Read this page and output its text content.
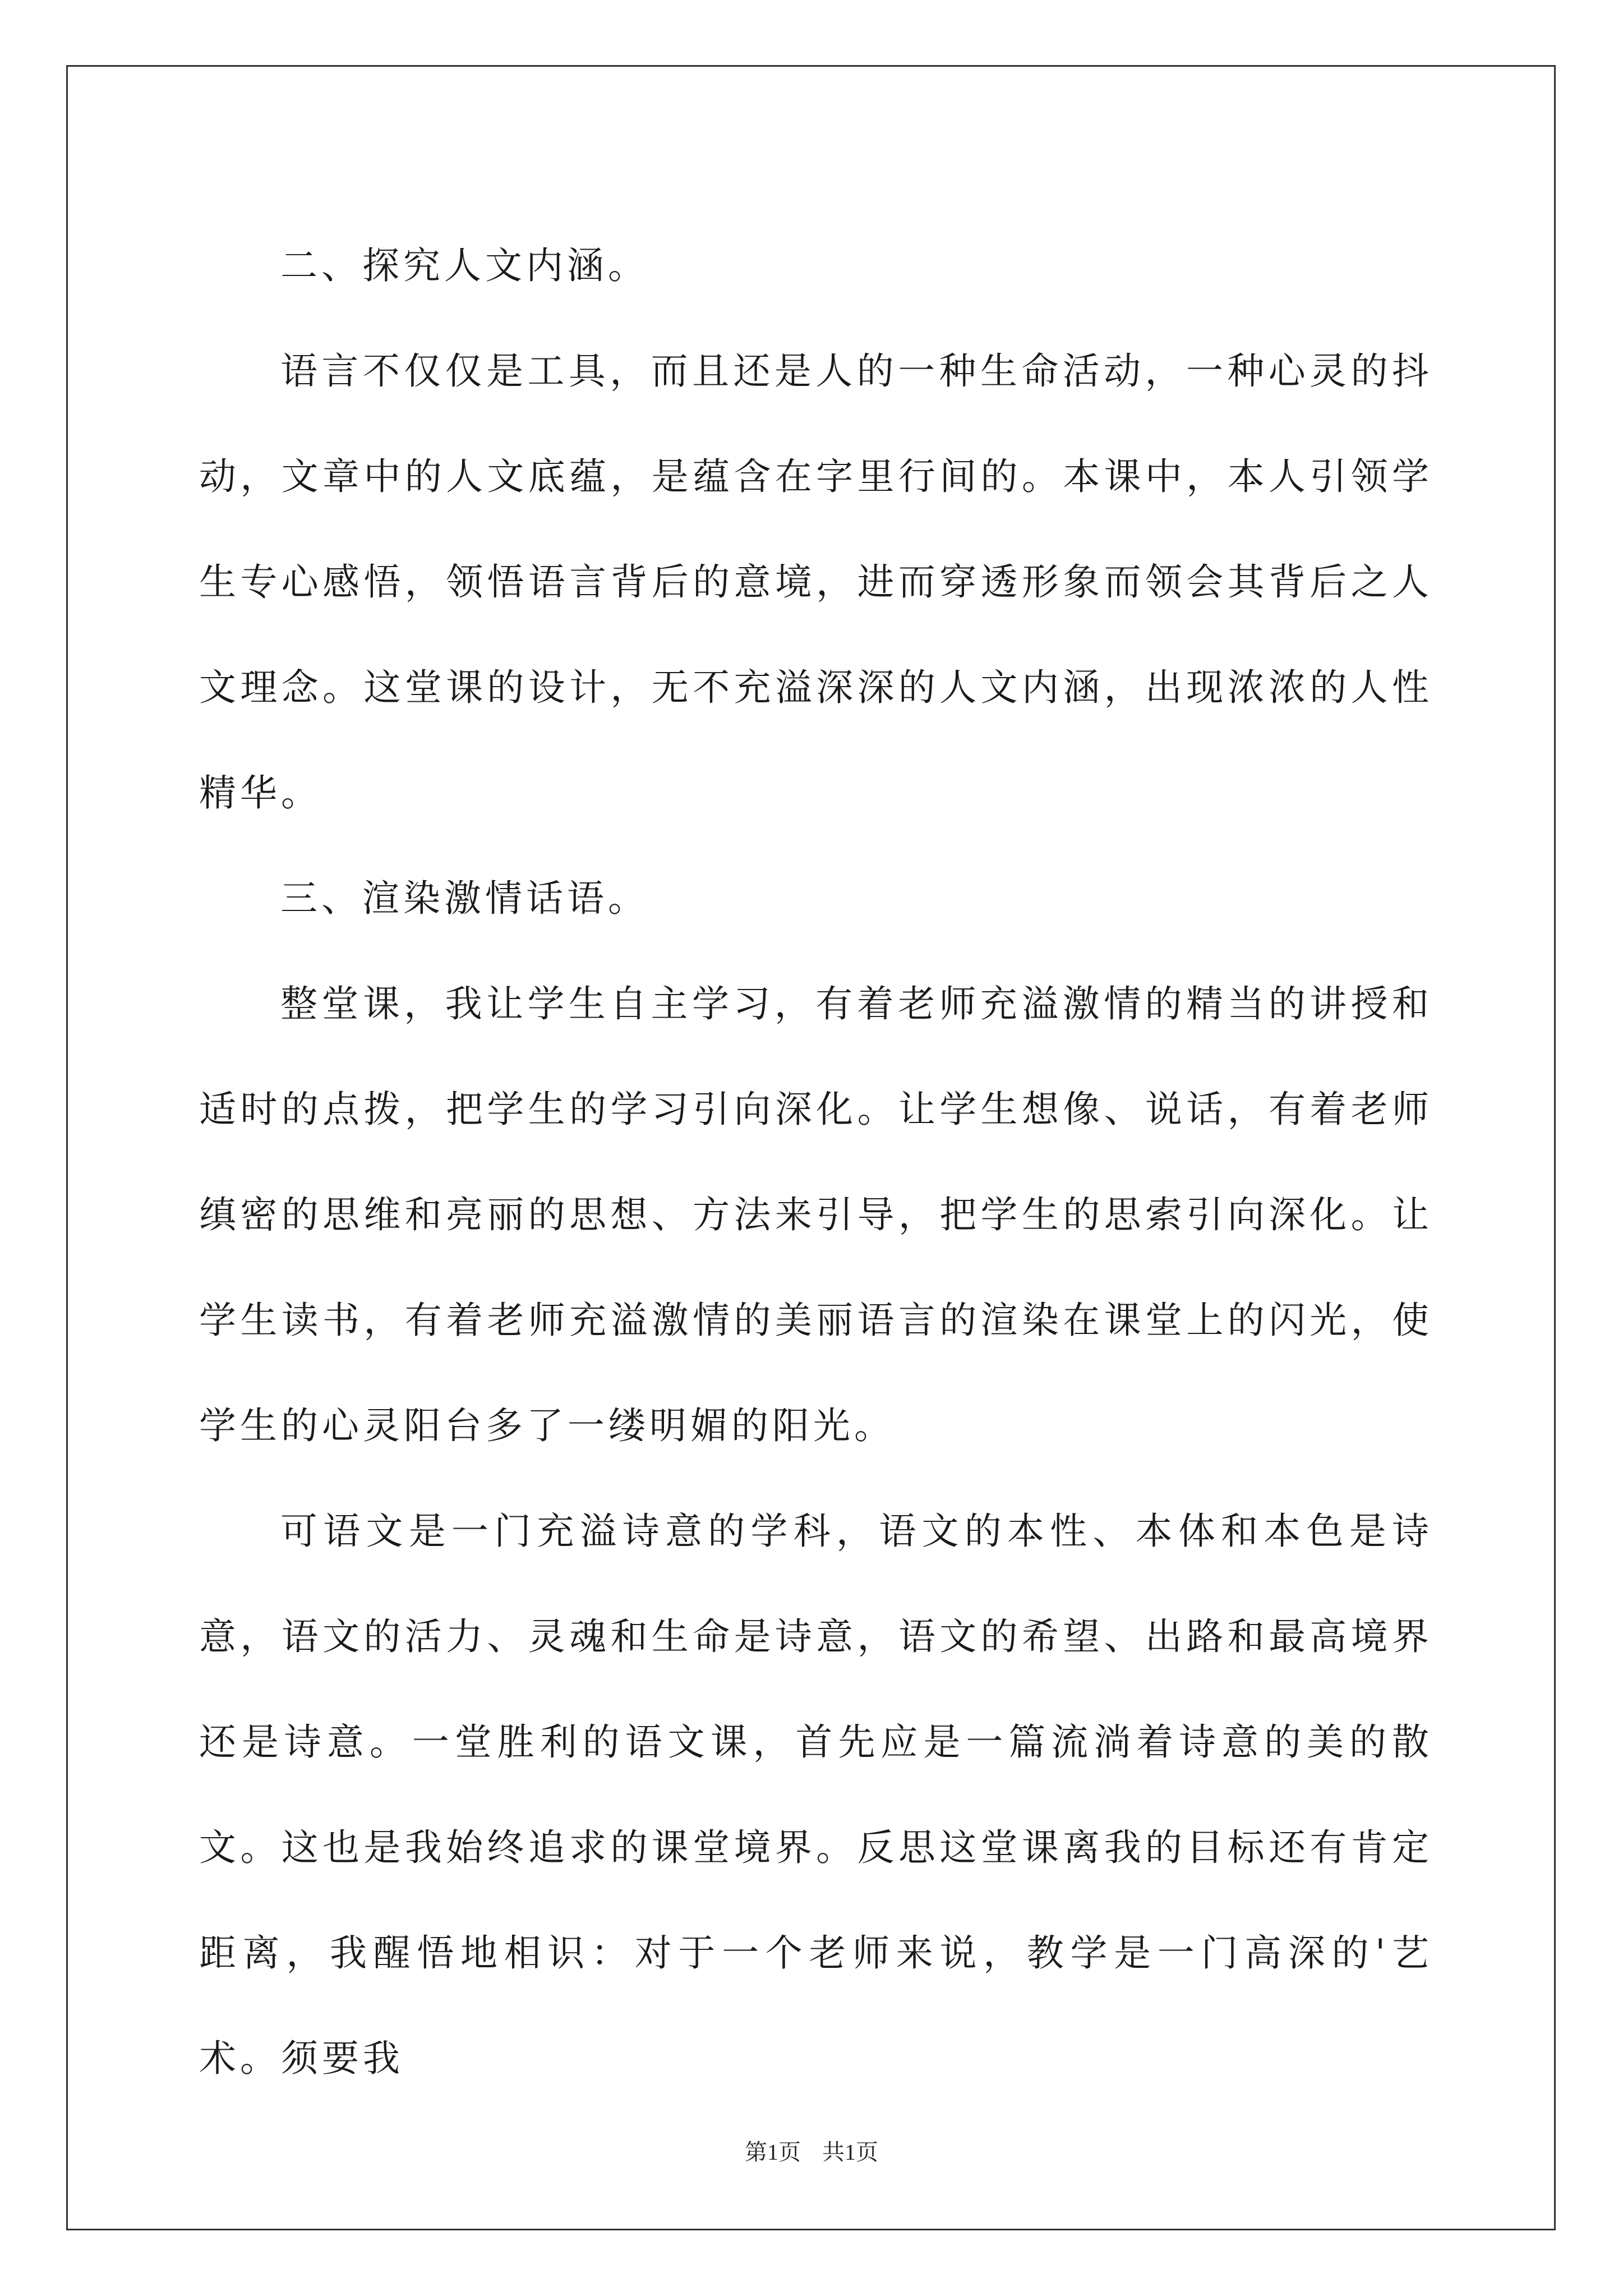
二、探究人文内涵。

语言不仅仅是工具，而且还是人的一种生命活动，一种心灵的抖动，文章中的人文底蕴，是蕴含在字里行间的。本课中，本人引领学生专心感悟，领悟语言背后的意境，进而穿透形象而领会其背后之人文理念。这堂课的设计，无不充溢深深的人文内涵，出现浓浓的人性精华。

三、渲染激情话语。

整堂课，我让学生自主学习，有着老师充溢激情的精当的讲授和适时的点拨，把学生的学习引向深化。让学生想像、说话，有着老师缜密的思维和亮丽的思想、方法来引导，把学生的思索引向深化。让学生读书，有着老师充溢激情的美丽语言的渲染在课堂上的闪光，使学生的心灵阳台多了一缕明媚的阳光。

可语文是一门充溢诗意的学科，语文的本性、本体和本色是诗意，语文的活力、灵魂和生命是诗意，语文的希望、出路和最高境界还是诗意。一堂胜利的语文课，首先应是一篇流淌着诗意的美的散文。这也是我始终追求的课堂境界。反思这堂课离我的目标还有肯定距离，我醒悟地相识：对于一个老师来说，教学是一门高深的'艺术。须要我

第1页 共1页
